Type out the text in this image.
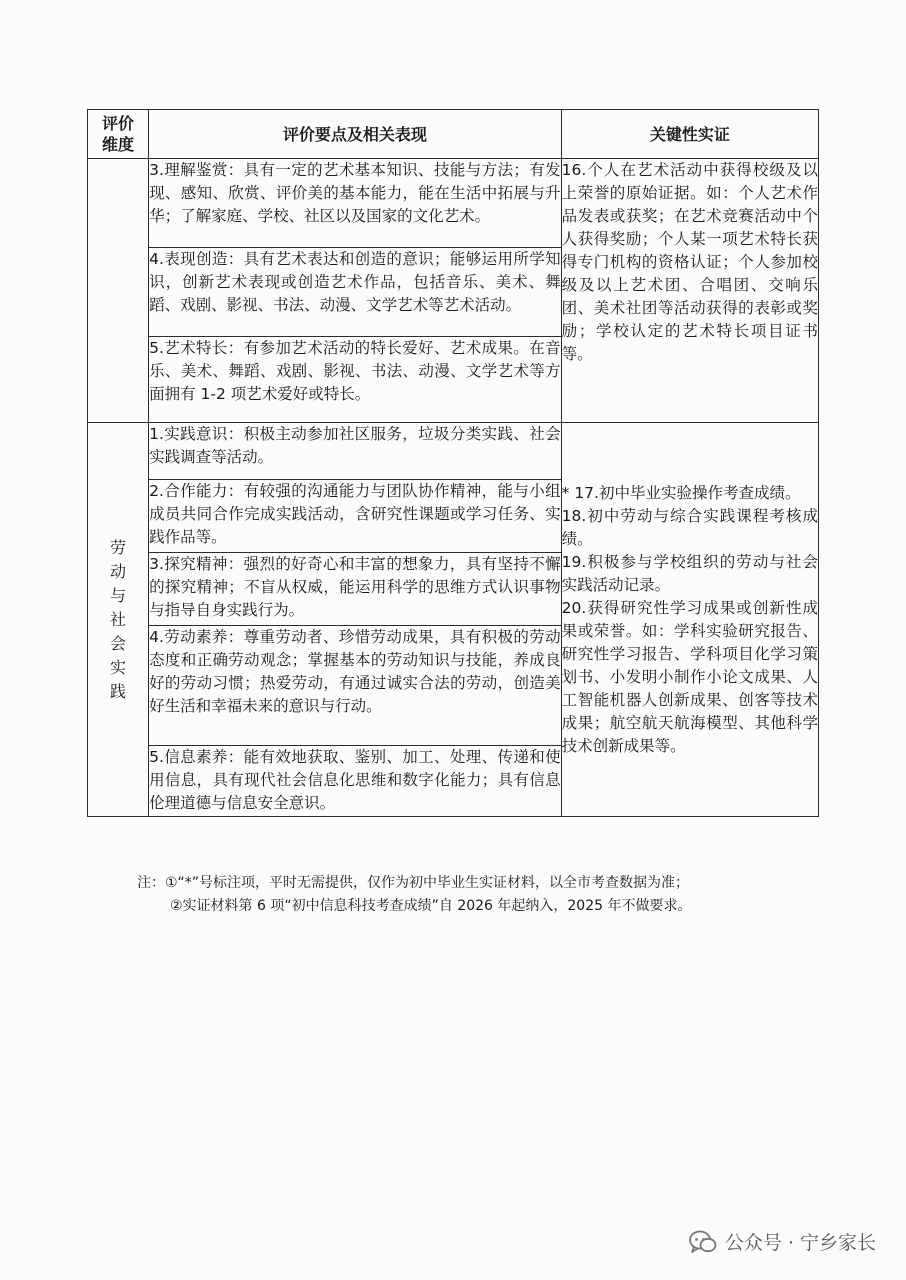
评价维度	评价要点及相关表现	关键性实证

	3.理解鉴赏：具有一定的艺术基本知识、技能与方法；有发现、感知、欣赏、评价美的基本能力，能在生活中拓展与升华；了解家庭、学校、社区以及国家的文化艺术。	16.个人在艺术活动中获得校级及以上荣誉的原始证据。如：个人艺术作品发表或获奖；在艺术竞赛活动中个人获得奖励；个人某一项艺术特长获得专门机构的资格认证；个人参加校级及以上艺术团、合唱团、交响乐团、美术社团等活动获得的表彰或奖励；学校认定的艺术特长项目证书等。

	4.表现创造：具有艺术表达和创造的意识；能够运用所学知识，创新艺术表现或创造艺术作品，包括音乐、美术、舞蹈、戏剧、影视、书法、动漫、文学艺术等艺术活动。	
	5.艺术特长：有参加艺术活动的特长爱好、艺术成果。在音乐、美术、舞蹈、戏剧、影视、书法、动漫、文学艺术等方面拥有 1-2 项艺术爱好或特长。	

劳动与社会实践	1.实践意识：积极主动参加社区服务，垃圾分类实践、社会实践调查等活动。	* 17.初中毕业实验操作考查成绩。
18.初中劳动与综合实践课程考核成绩。
19.积极参与学校组织的劳动与社会实践活动记录。
20.获得研究性学习成果或创新性成果或荣誉。如：学科实验研究报告、研究性学习报告、学科项目化学习策划书、小发明小制作小论文成果、人工智能机器人创新成果、创客等技术成果；航空航天航海模型、其他科学技术创新成果等。

	2.合作能力：有较强的沟通能力与团队协作精神，能与小组成员共同合作完成实践活动，含研究性课题或学习任务、实践作品等。	
	3.探究精神：强烈的好奇心和丰富的想象力，具有坚持不懈的探究精神；不盲从权威，能运用科学的思维方式认识事物与指导自身实践行为。	
	4.劳动素养：尊重劳动者、珍惜劳动成果，具有积极的劳动态度和正确劳动观念；掌握基本的劳动知识与技能，养成良好的劳动习惯；热爱劳动，有通过诚实合法的劳动，创造美好生活和幸福未来的意识与行动。	
	5.信息素养：能有效地获取、鉴别、加工、处理、传递和使用信息，具有现代社会信息化思维和数字化能力；具有信息伦理道德与信息安全意识。	
注：①“*”号标注项，平时无需提供，仅作为初中毕业生实证材料，以全市考查数据为准；
②实证材料第 6 项“初中信息科技考查成绩”自 2026 年起纳入，2025 年不做要求。
公众号 · 宁乡家长
